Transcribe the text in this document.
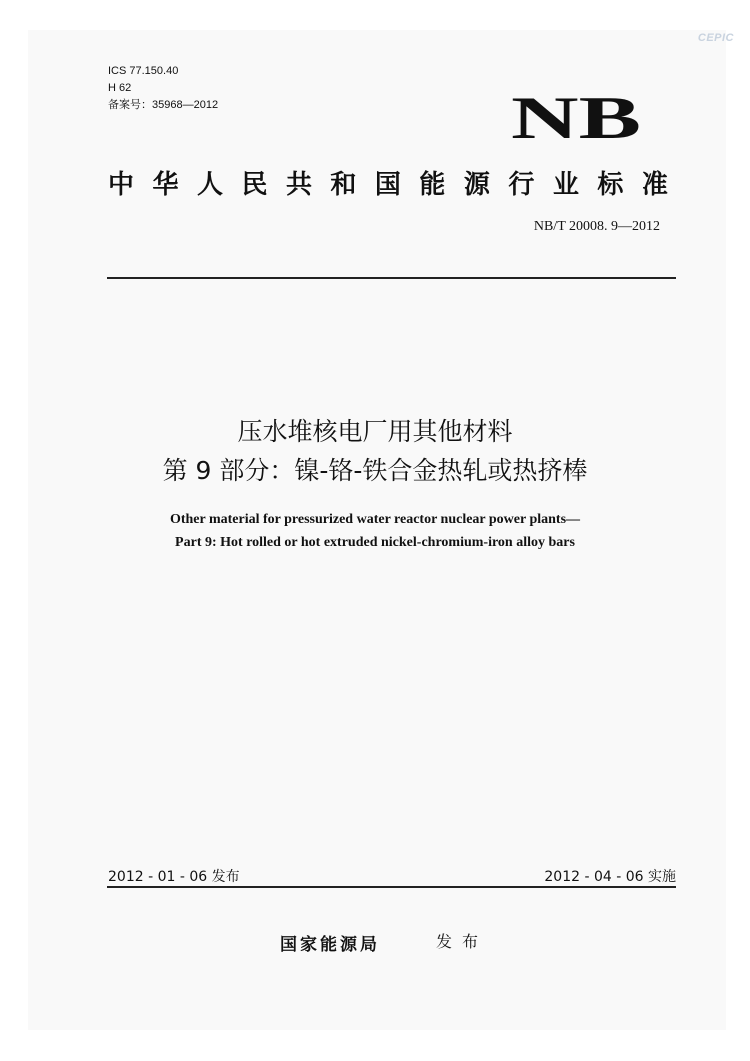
CEPIC
ICS 77.150.40
H 62
备案号：35968—2012	NB
中 华 人 民 共 和 国 能 源 行 业 标 准
NB/T 20008. 9—2012
压水堆核电厂用其他材料
第 9 部分：镍-铬-铁合金热轧或热挤棒
Other material for pressurized water reactor nuclear power plants—
Part 9: Hot rolled or hot extruded nickel-chromium-iron alloy bars
2012 - 01 - 06 发布	2012 - 04 - 06 实施
国家能源局	发布
